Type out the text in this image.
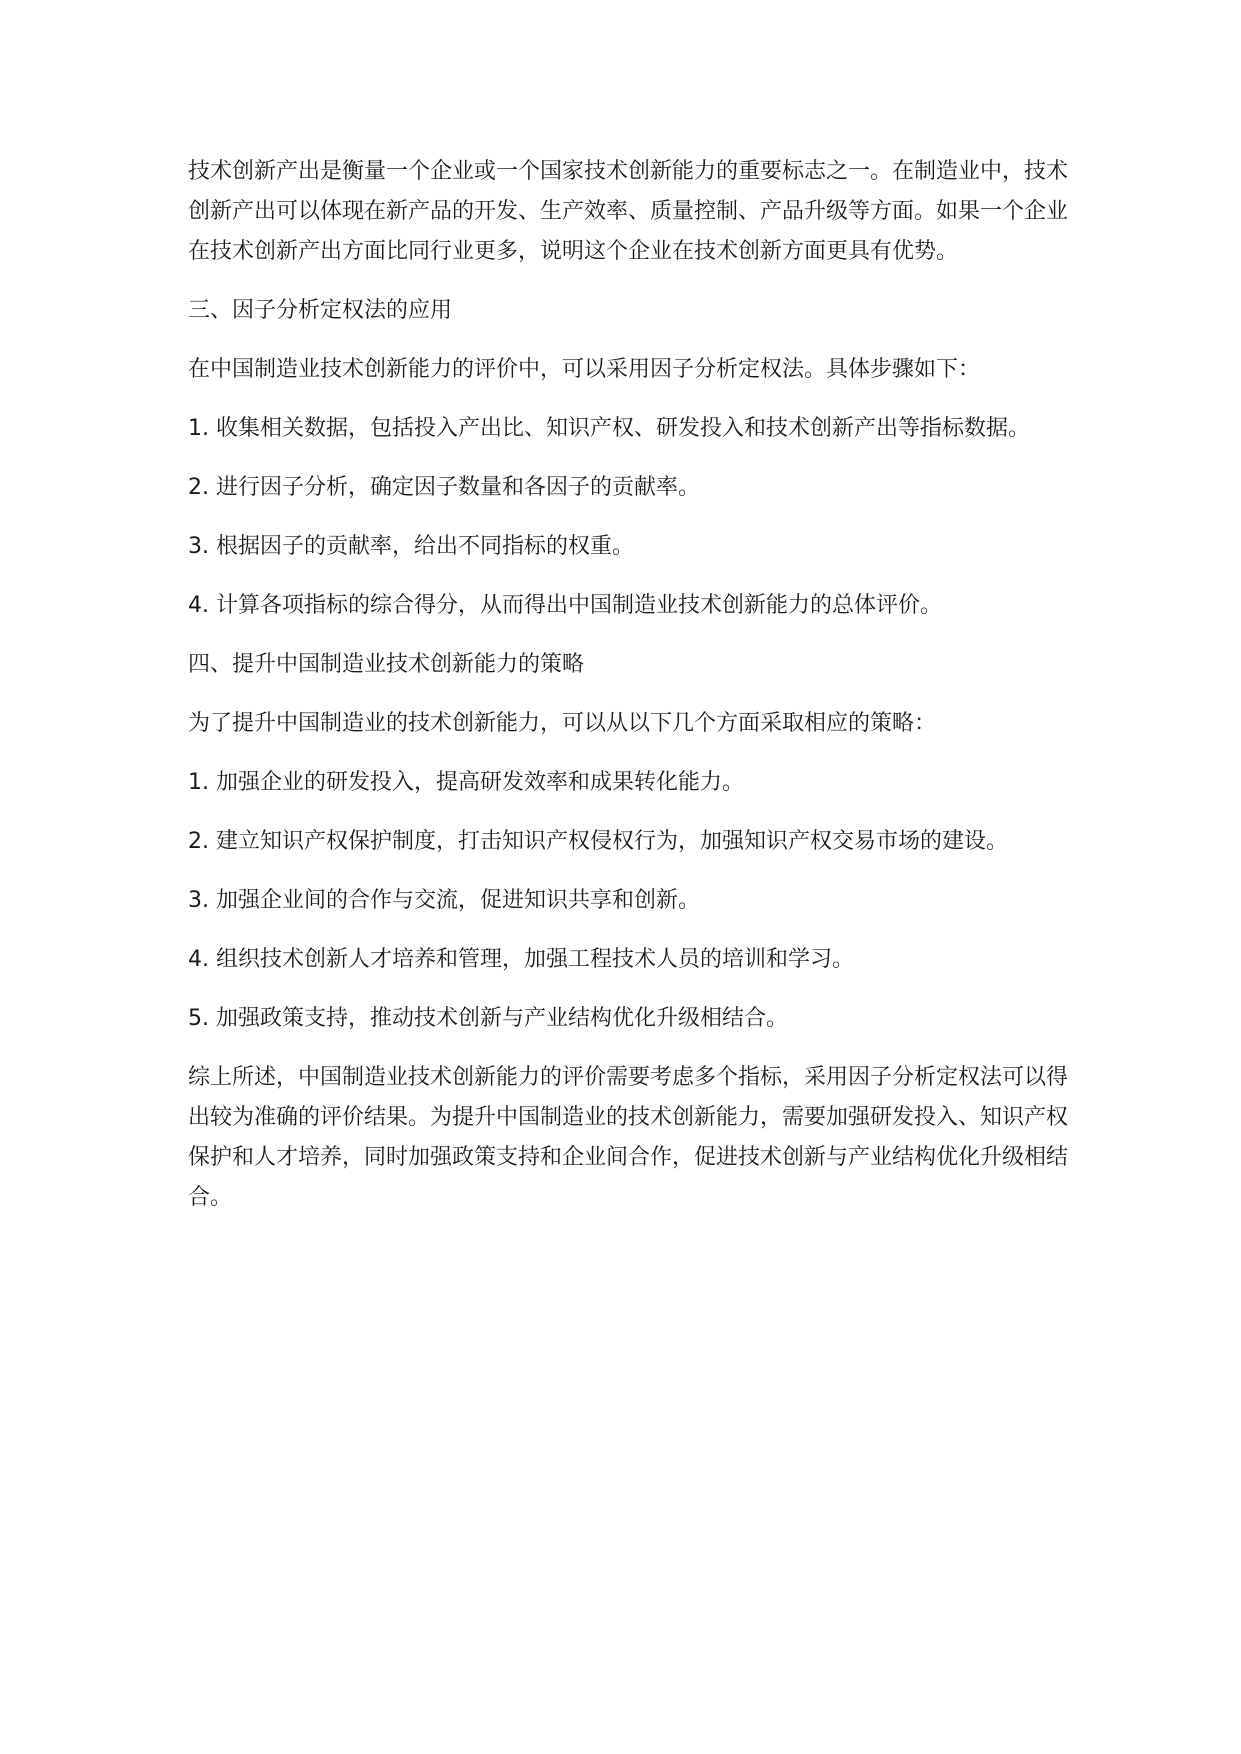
技术创新产出是衡量一个企业或一个国家技术创新能力的重要标志之一。在制造业中，技术创新产出可以体现在新产品的开发、生产效率、质量控制、产品升级等方面。如果一个企业在技术创新产出方面比同行业更多，说明这个企业在技术创新方面更具有优势。

三、因子分析定权法的应用

在中国制造业技术创新能力的评价中，可以采用因子分析定权法。具体步骤如下：

1. 收集相关数据，包括投入产出比、知识产权、研发投入和技术创新产出等指标数据。

2. 进行因子分析，确定因子数量和各因子的贡献率。

3. 根据因子的贡献率，给出不同指标的权重。

4. 计算各项指标的综合得分，从而得出中国制造业技术创新能力的总体评价。

四、提升中国制造业技术创新能力的策略

为了提升中国制造业的技术创新能力，可以从以下几个方面采取相应的策略：

1. 加强企业的研发投入，提高研发效率和成果转化能力。

2. 建立知识产权保护制度，打击知识产权侵权行为，加强知识产权交易市场的建设。

3. 加强企业间的合作与交流，促进知识共享和创新。

4. 组织技术创新人才培养和管理，加强工程技术人员的培训和学习。

5. 加强政策支持，推动技术创新与产业结构优化升级相结合。

综上所述，中国制造业技术创新能力的评价需要考虑多个指标，采用因子分析定权法可以得出较为准确的评价结果。为提升中国制造业的技术创新能力，需要加强研发投入、知识产权保护和人才培养，同时加强政策支持和企业间合作，促进技术创新与产业结构优化升级相结合。
